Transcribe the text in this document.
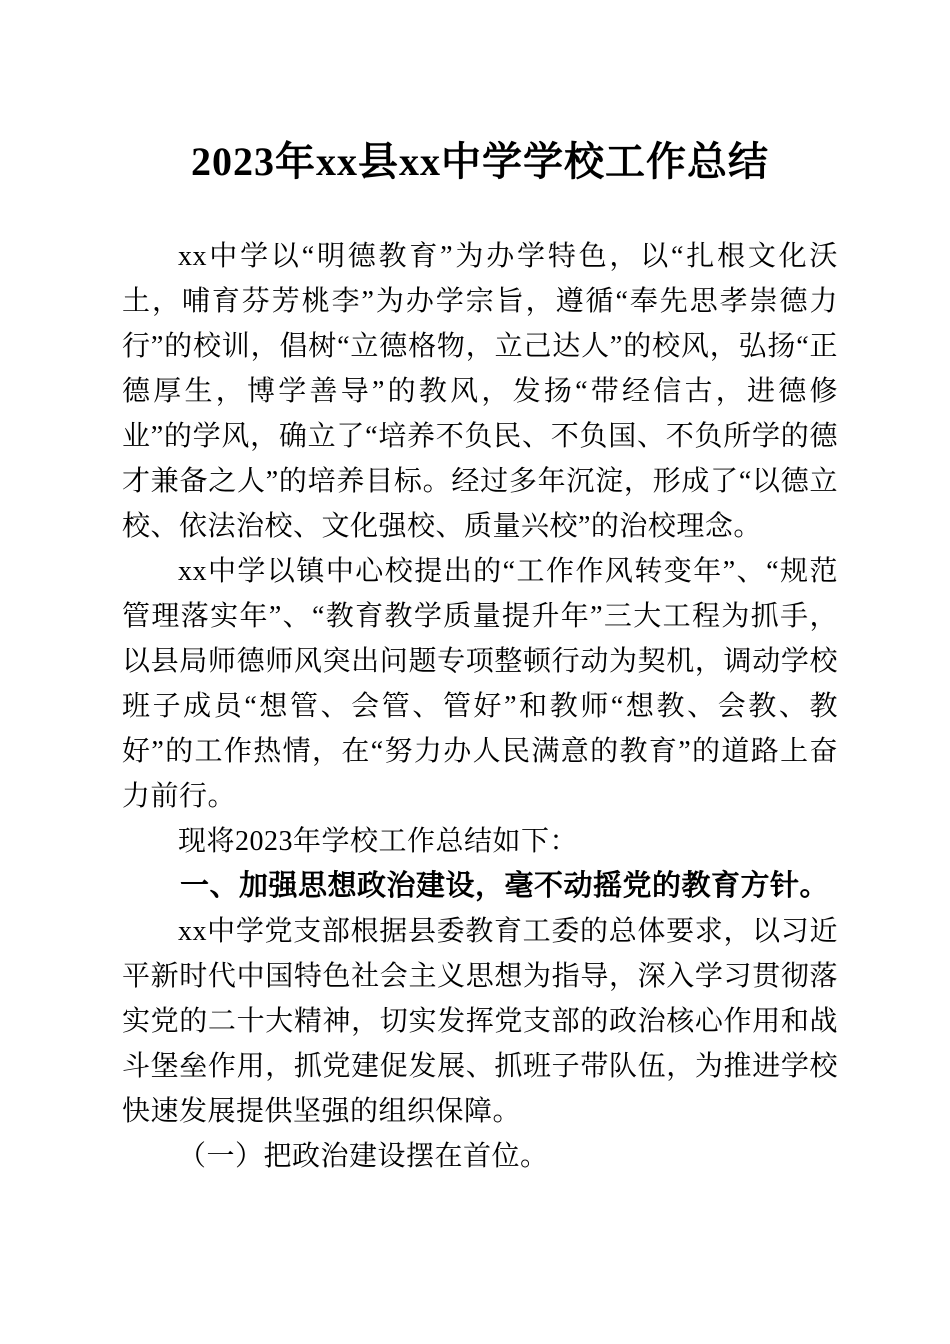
2023年xx县xx中学学校工作总结

xx中学以“明德教育”为办学特色，以“扎根文化沃土，哺育芬芳桃李”为办学宗旨，遵循“奉先思孝崇德力行”的校训，倡树“立德格物，立己达人”的校风，弘扬“正德厚生，博学善导”的教风，发扬“带经信古，进德修业”的学风，确立了“培养不负民、不负国、不负所学的德才兼备之人”的培养目标。经过多年沉淀，形成了“以德立校、依法治校、文化强校、质量兴校”的治校理念。

xx中学以镇中心校提出的“工作作风转变年”、“规范管理落实年”、“教育教学质量提升年”三大工程为抓手，以县局师德师风突出问题专项整顿行动为契机，调动学校班子成员“想管、会管、管好”和教师“想教、会教、教好”的工作热情，在“努力办人民满意的教育”的道路上奋力前行。

现将2023年学校工作总结如下：

一、加强思想政治建设，毫不动摇党的教育方针。

xx中学党支部根据县委教育工委的总体要求，以习近平新时代中国特色社会主义思想为指导，深入学习贯彻落实党的二十大精神，切实发挥党支部的政治核心作用和战斗堡垒作用，抓党建促发展、抓班子带队伍，为推进学校快速发展提供坚强的组织保障。

（一）把政治建设摆在首位。
